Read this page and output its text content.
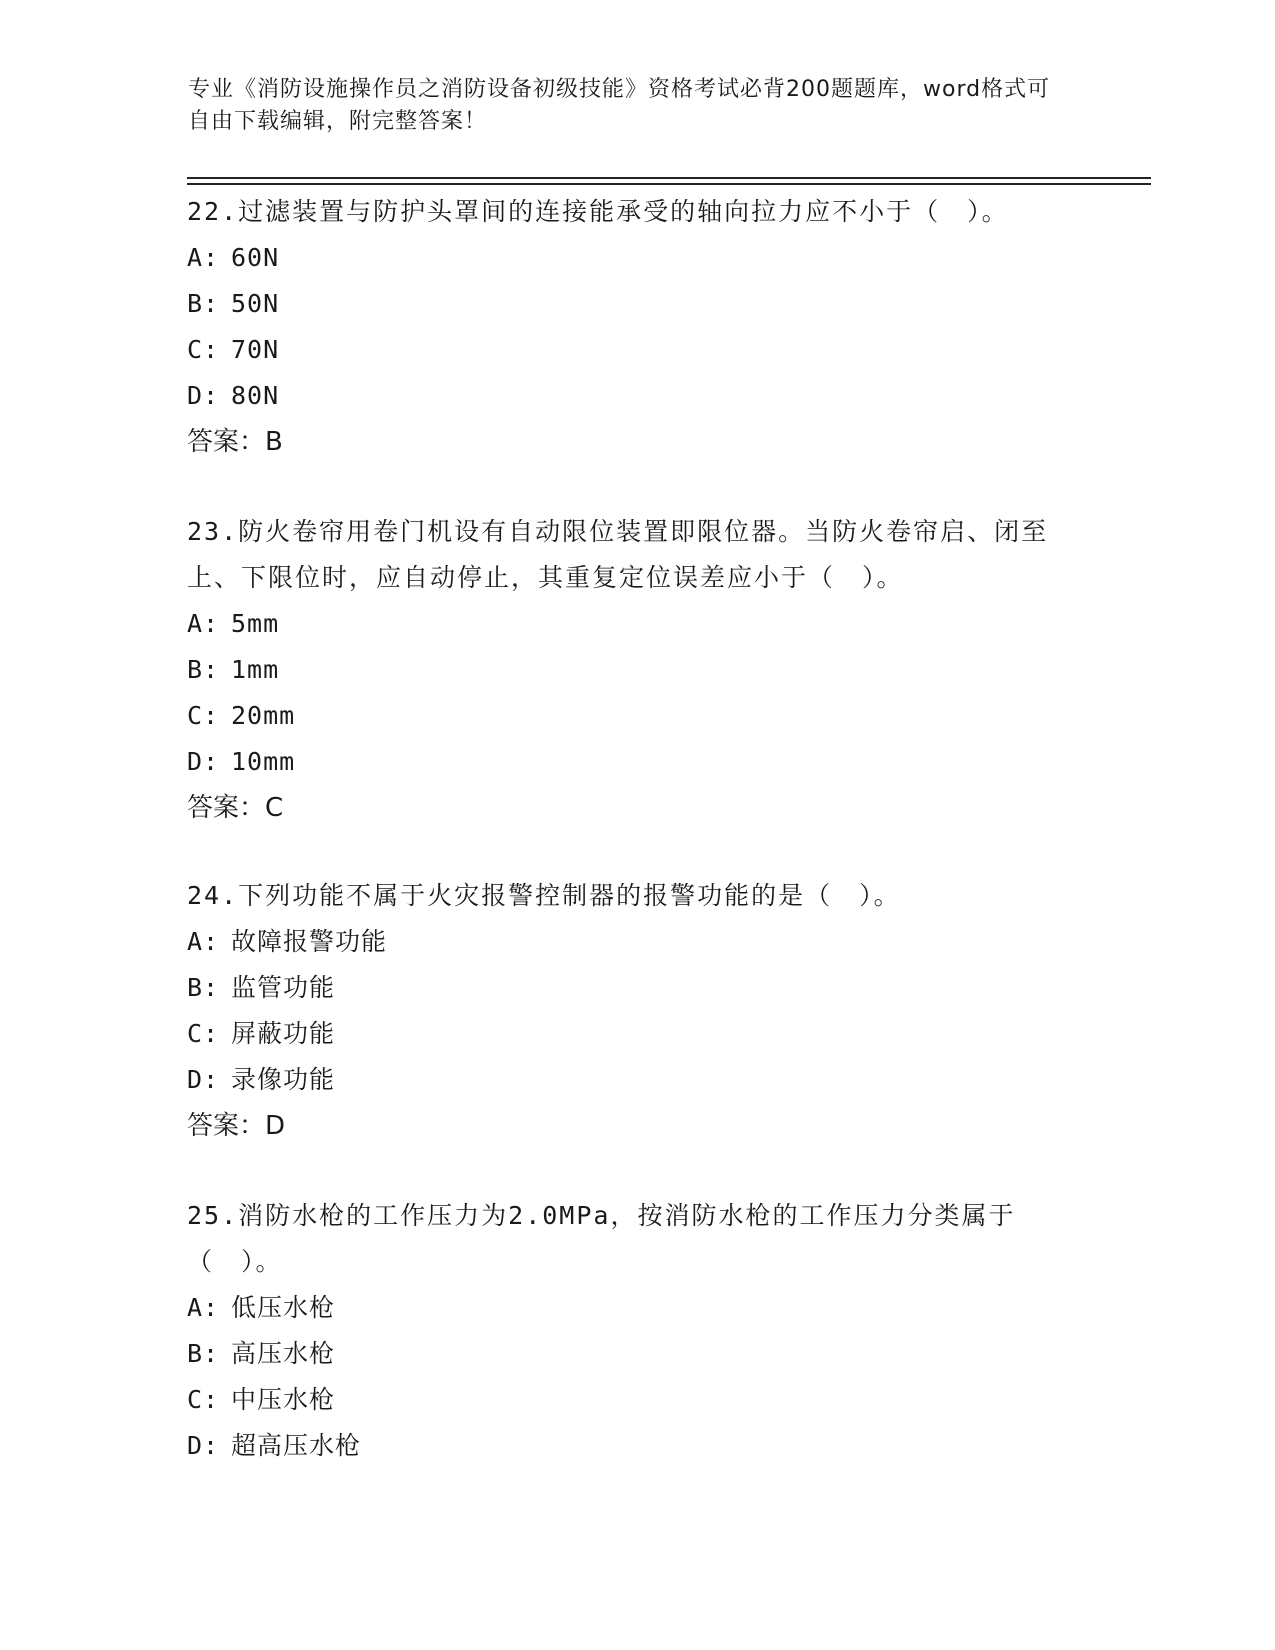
专业《消防设施操作员之消防设备初级技能》资格考试必背200题题库，word格式可自由下载编辑，附完整答案！

22.过滤装置与防护头罩间的连接能承受的轴向拉力应不小于（　）。

A: 60N

B: 50N

C: 70N

D: 80N

答案：B

23.防火卷帘用卷门机设有自动限位装置即限位器。当防火卷帘启、闭至上、下限位时，应自动停止，其重复定位误差应小于（　）。

A: 5mm

B: 1mm

C: 20mm

D: 10mm

答案：C

24.下列功能不属于火灾报警控制器的报警功能的是（　）。

A: 故障报警功能

B: 监管功能

C: 屏蔽功能

D: 录像功能

答案：D

25.消防水枪的工作压力为2.0MPa，按消防水枪的工作压力分类属于（　）。

A: 低压水枪

B: 高压水枪

C: 中压水枪

D: 超高压水枪
